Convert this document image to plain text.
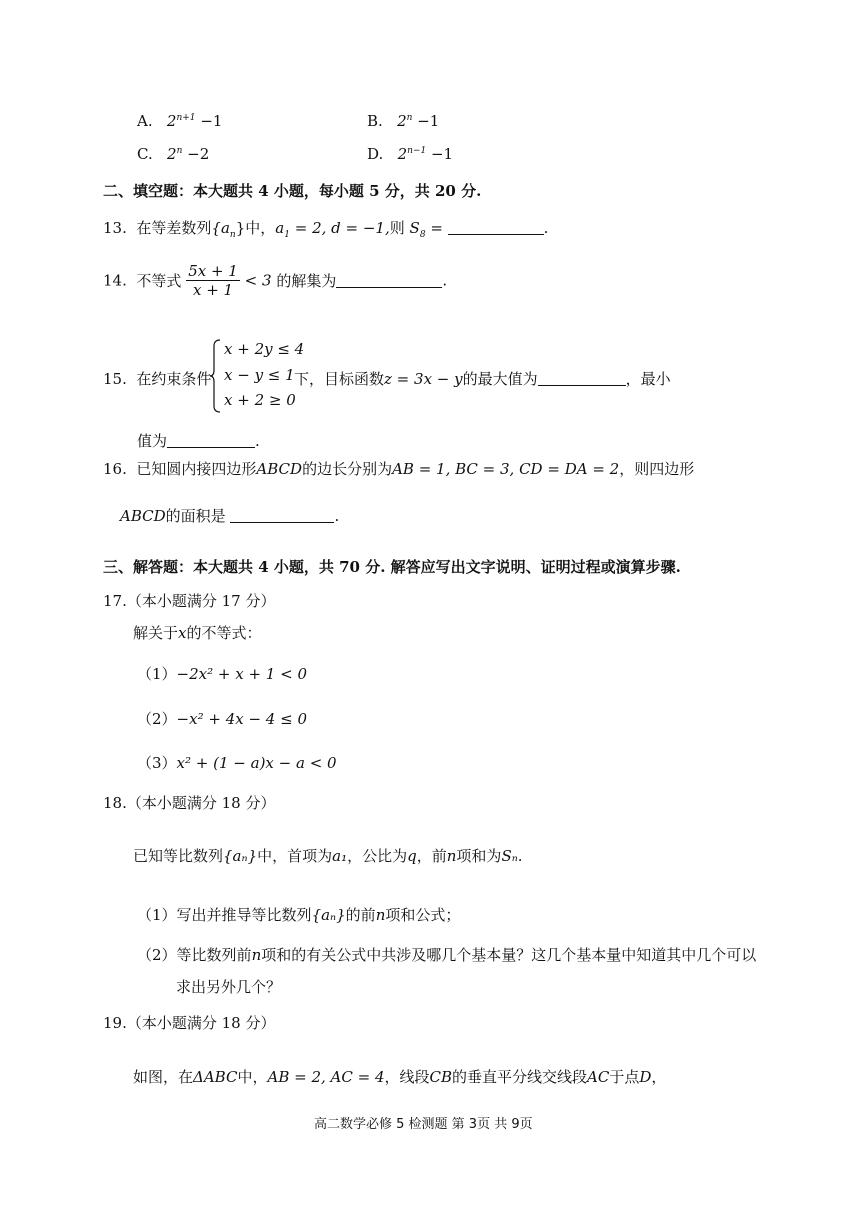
A. $2^{n+1} -1$	B. $2^n -1$
C. $2^n -2$	D. $2^{n-1} -1$
二、填空题：本大题共 4 小题，每小题 5 分，共 20 分.
13. 在等差数列$\{a_n\}$中，$a_1 = 2$, d = −1,则 $S_8$ =	.
14. 不等式 $\frac{5x + 1}{x + 1} < 3$ 的解集为	.
15. 在约束条件
x + 2y ≤ 4
x − y ≤ 1
x + 2 ≥ 0
下，目标函数z = 3x − y的最大值为	，最小
值为	.
16. 已知圆内接四边形ABCD的边长分别为AB = 1, BC = 3, CD = DA = 2，则四边形
ABCD的面积是	.
三、解答题：本大题共 4 小题，共 70 分. 解答应写出文字说明、证明过程或演算步骤.
17.（本小题满分 17 分）
解关于x的不等式：
（1）−2x² + x + 1 < 0
（2）−x² + 4x − 4 ≤ 0
（3）x² + (1 − a)x − a < 0
18.（本小题满分 18 分）
已知等比数列{aₙ}中，首项为a₁，公比为q，前n项和为Sₙ.
（1）写出并推导等比数列{aₙ}的前n项和公式；
（2）等比数列前n项和的有关公式中共涉及哪几个基本量？这几个基本量中知道其中几个可以
求出另外几个？
19.（本小题满分 18 分）
如图，在ΔABC中，AB = 2, AC = 4，线段CB的垂直平分线交线段AC于点D，
高二数学必修 5 检测题 第 3页 共 9页
